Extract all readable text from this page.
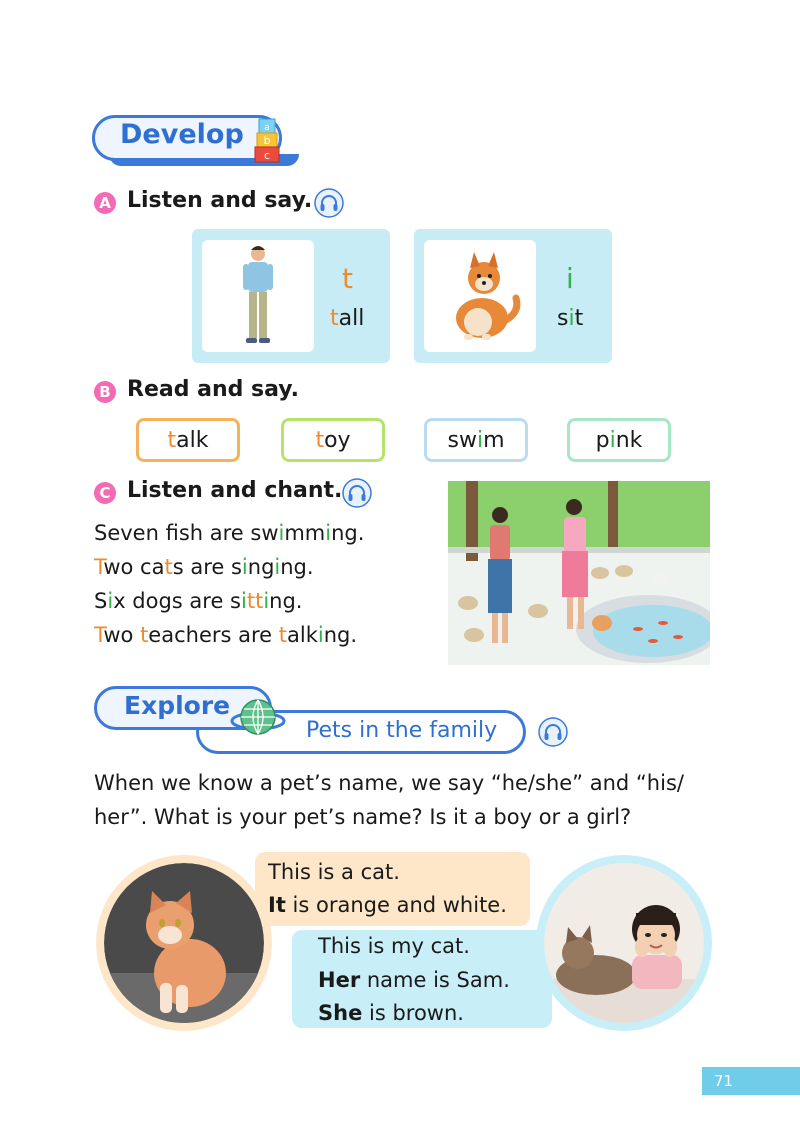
Develop a
b
c
A Listen and say.
t
tall
i
sit
B Read and say.
t alk	t oy	sw i m	p i nk
C Listen and chant.
Seven fsh are swimming.
Two cats are singing.
Six dogs are sitting.
Two teachers are talking.
Explore
Pets in the family
When we know a pet’s name, we say “he/she” and “his/
her”. What is your pet’s name? Is it a boy or a girl?
This is a cat.
It is orange and white.
This is my cat.
Her name is Sam.
She is brown.
71
